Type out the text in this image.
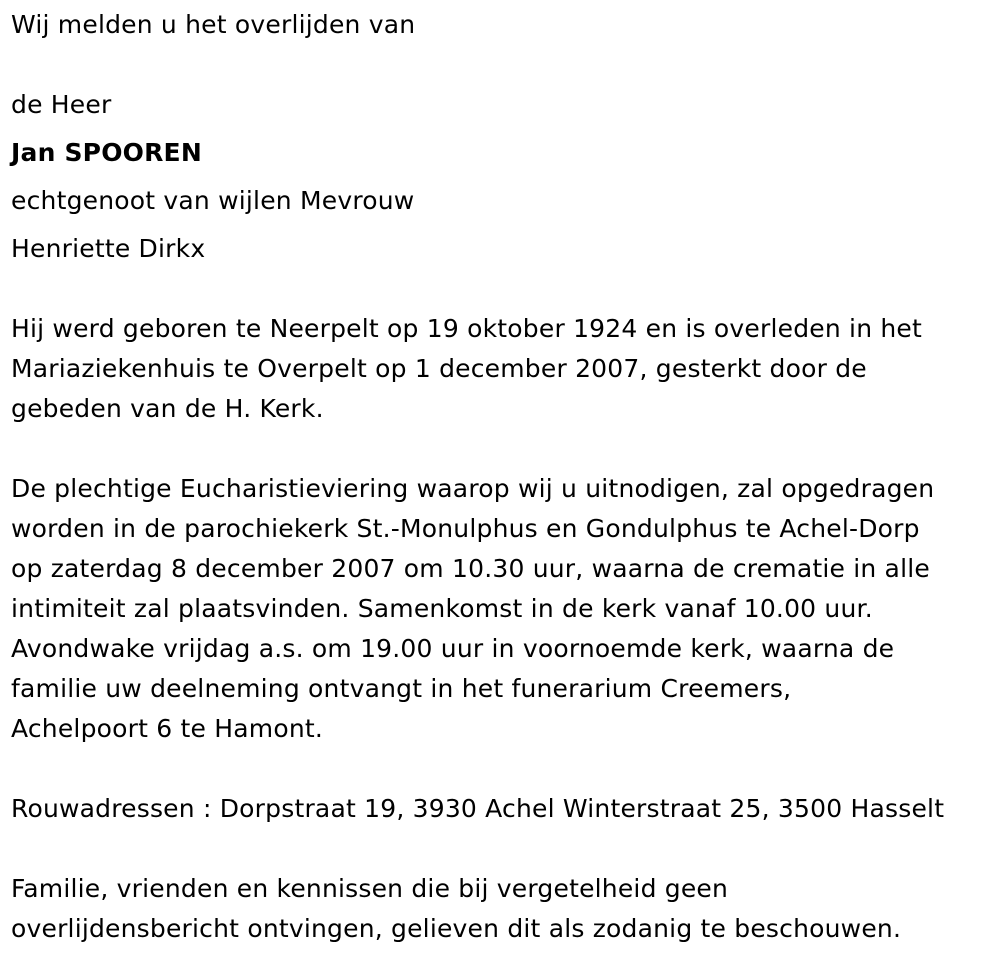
Wij melden u het overlijden van
de Heer
Jan SPOOREN
echtgenoot van wijlen Mevrouw
Henriette Dirkx
Hij werd geboren te Neerpelt op 19 oktober 1924 en is overleden in het
Mariaziekenhuis te Overpelt op 1 december 2007, gesterkt door de
gebeden van de H. Kerk.
De plechtige Eucharistieviering waarop wij u uitnodigen, zal opgedragen
worden in de parochiekerk St.-Monulphus en Gondulphus te Achel-Dorp
op zaterdag 8 december 2007 om 10.30 uur, waarna de crematie in alle
intimiteit zal plaatsvinden. Samenkomst in de kerk vanaf 10.00 uur.
Avondwake vrijdag a.s. om 19.00 uur in voornoemde kerk, waarna de
familie uw deelneming ontvangt in het funerarium Creemers,
Achelpoort 6 te Hamont.
Rouwadressen : Dorpstraat 19, 3930 Achel Winterstraat 25, 3500 Hasselt
Familie, vrienden en kennissen die bij vergetelheid geen
overlijdensbericht ontvingen, gelieven dit als zodanig te beschouwen.
